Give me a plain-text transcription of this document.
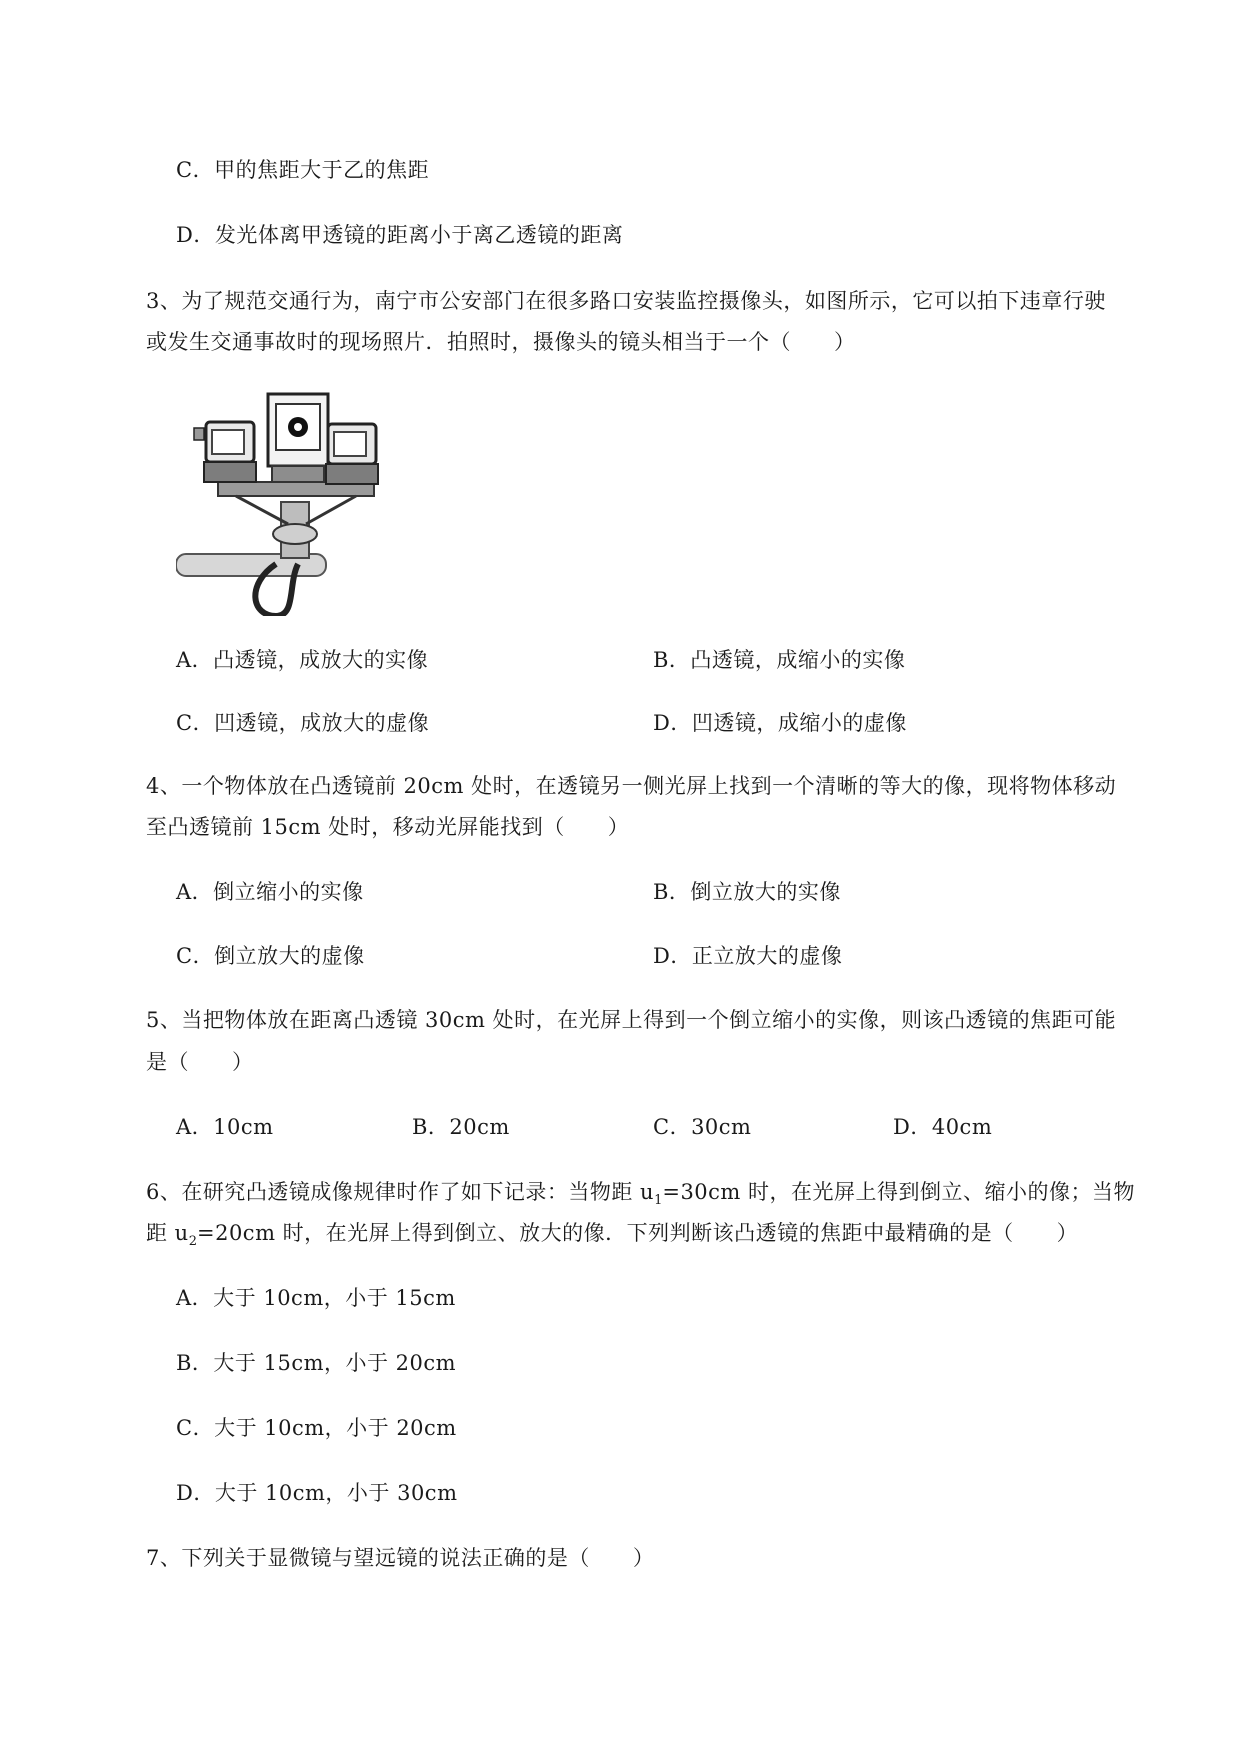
C．甲的焦距大于乙的焦距
D．发光体离甲透镜的距离小于离乙透镜的距离
3、为了规范交通行为，南宁市公安部门在很多路口安装监控摄像头，如图所示，它可以拍下违章行驶
或发生交通事故时的现场照片．拍照时，摄像头的镜头相当于一个（　　）
A．凸透镜，成放大的实像	B．凸透镜，成缩小的实像
C．凹透镜，成放大的虚像	D．凹透镜，成缩小的虚像
4、一个物体放在凸透镜前 20cm 处时，在透镜另一侧光屏上找到一个清晰的等大的像，现将物体移动
至凸透镜前 15cm 处时，移动光屏能找到（　　）
A．倒立缩小的实像	B．倒立放大的实像
C．倒立放大的虚像	D．正立放大的虚像
5、当把物体放在距离凸透镜 30cm 处时，在光屏上得到一个倒立缩小的实像，则该凸透镜的焦距可能
是（　　）
A．10cm	B．20cm	C．30cm	D．40cm
6、在研究凸透镜成像规律时作了如下记录：当物距 $u_1=30cm$ 时，在光屏上得到倒立、缩小的像；当物
距 $u_2=20cm$ 时，在光屏上得到倒立、放大的像．下列判断该凸透镜的焦距中最精确的是（　　）
A．大于 10cm，小于 15cm
B．大于 15cm，小于 20cm
C．大于 10cm，小于 20cm
D．大于 10cm，小于 30cm
7、下列关于显微镜与望远镜的说法正确的是（　　）
